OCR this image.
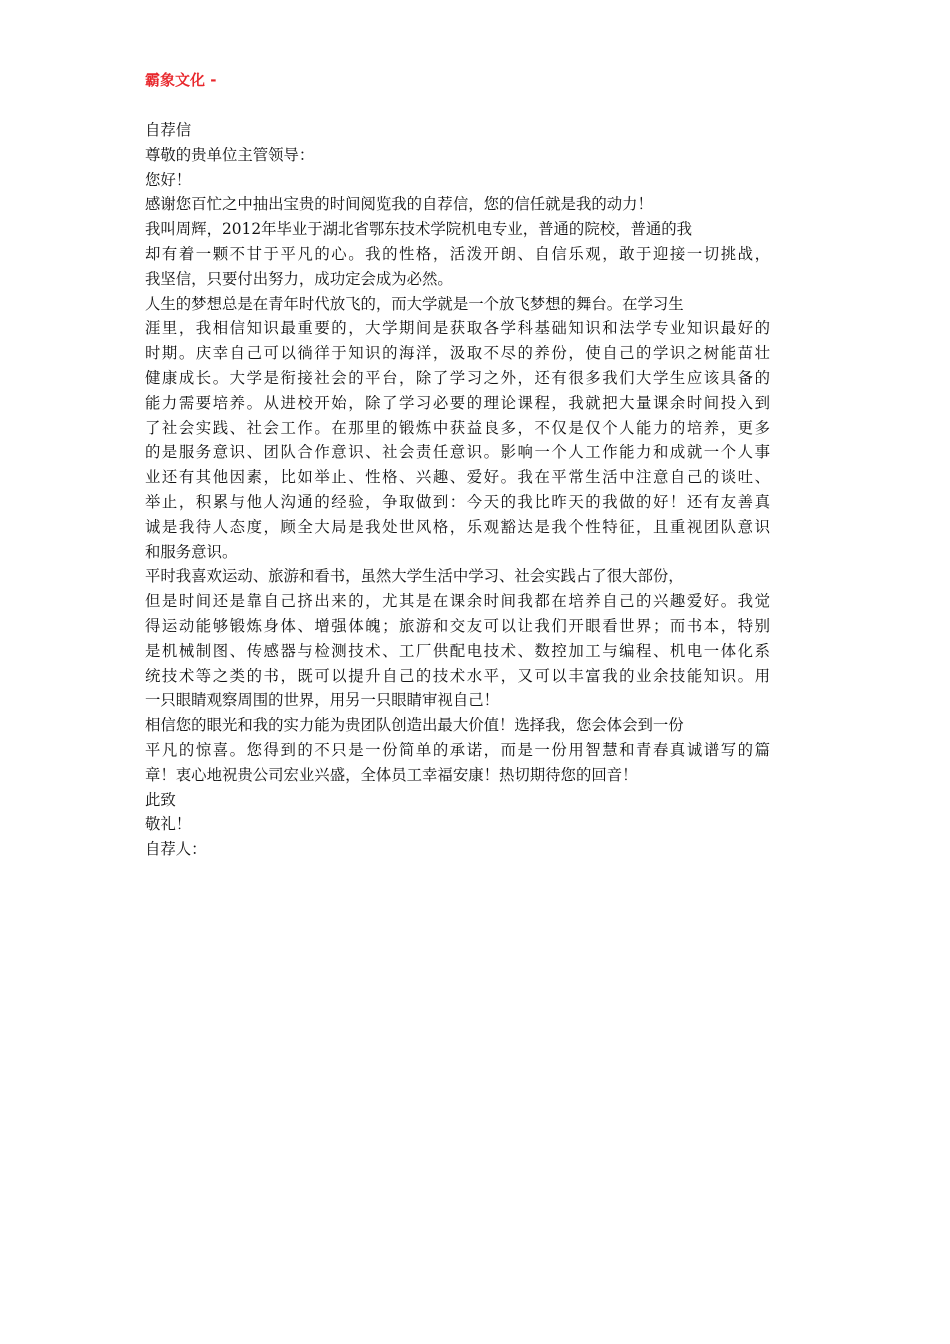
霸象文化 -
自荐信
尊敬的贵单位主管领导：
您好！
感谢您百忙之中抽出宝贵的时间阅览我的自荐信，您的信任就是我的动力！
我叫周辉，2012年毕业于湖北省鄂东技术学院机电专业，普通的院校，普通的我
却有着一颗不甘于平凡的心。我的性格，活泼开朗、自信乐观，敢于迎接一切挑战，
我坚信，只要付出努力，成功定会成为必然。
人生的梦想总是在青年时代放飞的，而大学就是一个放飞梦想的舞台。在学习生
涯里，我相信知识最重要的，大学期间是获取各学科基础知识和法学专业知识最好的
时期。庆幸自己可以徜徉于知识的海洋，汲取不尽的养份，使自己的学识之树能苗壮
健康成长。大学是衔接社会的平台，除了学习之外，还有很多我们大学生应该具备的
能力需要培养。从进校开始，除了学习必要的理论课程，我就把大量课余时间投入到
了社会实践、社会工作。在那里的锻炼中获益良多，不仅是仅个人能力的培养，更多
的是服务意识、团队合作意识、社会责任意识。影响一个人工作能力和成就一个人事
业还有其他因素，比如举止、性格、兴趣、爱好。我在平常生活中注意自己的谈吐、
举止，积累与他人沟通的经验，争取做到：今天的我比昨天的我做的好！还有友善真
诚是我待人态度，顾全大局是我处世风格，乐观豁达是我个性特征，且重视团队意识
和服务意识。
平时我喜欢运动、旅游和看书，虽然大学生活中学习、社会实践占了很大部份，
但是时间还是靠自己挤出来的，尤其是在课余时间我都在培养自己的兴趣爱好。我觉
得运动能够锻炼身体、增强体魄；旅游和交友可以让我们开眼看世界；而书本，特别
是机械制图、传感器与检测技术、工厂供配电技术、数控加工与编程、机电一体化系
统技术等之类的书，既可以提升自己的技术水平，又可以丰富我的业余技能知识。用
一只眼睛观察周围的世界，用另一只眼睛审视自己！
相信您的眼光和我的实力能为贵团队创造出最大价值！选择我，您会体会到一份
平凡的惊喜。您得到的不只是一份简单的承诺，而是一份用智慧和青春真诚谱写的篇
章！衷心地祝贵公司宏业兴盛，全体员工幸福安康！热切期待您的回音！
此致
敬礼！
自荐人：
